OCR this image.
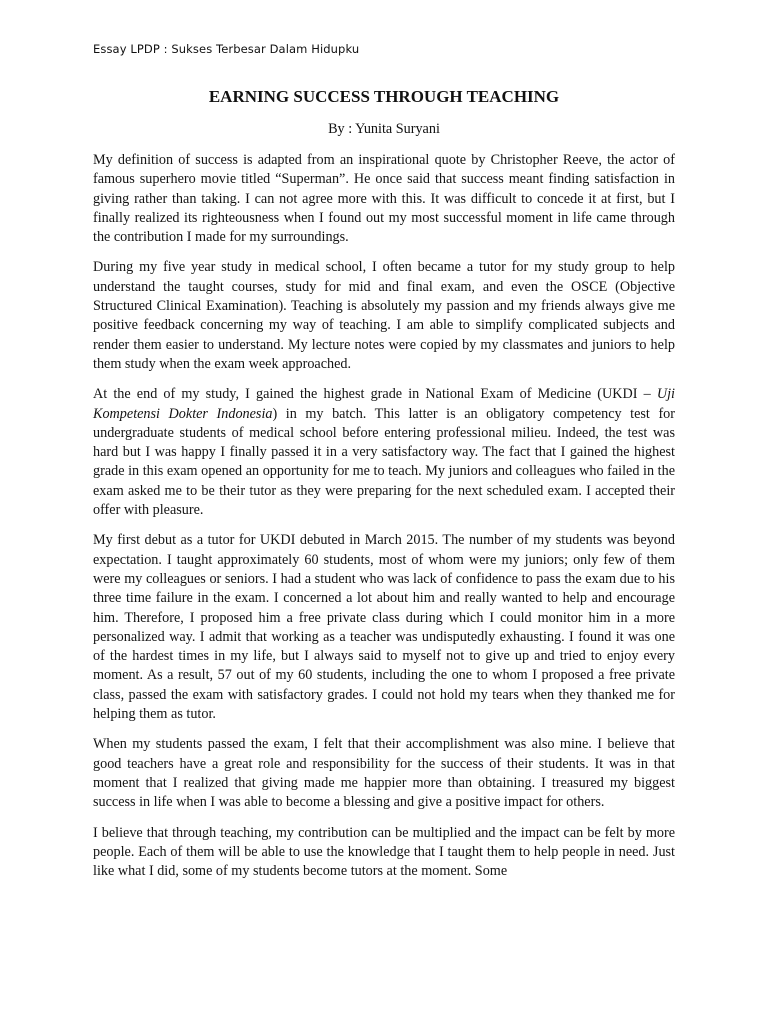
Essay LPDP : Sukses Terbesar Dalam Hidupku
EARNING SUCCESS THROUGH TEACHING
By : Yunita Suryani

My definition of success is adapted from an inspirational quote by Christopher Reeve, the actor of famous superhero movie titled “Superman”. He once said that success meant finding satisfaction in giving rather than taking. I can not agree more with this. It was difficult to concede it at first, but I finally realized its righteousness when I found out my most successful moment in life came through the contribution I made for my surroundings.

During my five year study in medical school, I often became a tutor for my study group to help understand the taught courses, study for mid and final exam, and even the OSCE (Objective Structured Clinical Examination). Teaching is absolutely my passion and my friends always give me positive feedback concerning my way of teaching. I am able to simplify complicated subjects and render them easier to understand. My lecture notes were copied by my classmates and juniors to help them study when the exam week approached.

At the end of my study, I gained the highest grade in National Exam of Medicine (UKDI – Uji Kompetensi Dokter Indonesia) in my batch. This latter is an obligatory competency test for undergraduate students of medical school before entering professional milieu. Indeed, the test was hard but I was happy I finally passed it in a very satisfactory way. The fact that I gained the highest grade in this exam opened an opportunity for me to teach. My juniors and colleagues who failed in the exam asked me to be their tutor as they were preparing for the next scheduled exam. I accepted their offer with pleasure.

My first debut as a tutor for UKDI debuted in March 2015. The number of my students was beyond expectation. I taught approximately 60 students, most of whom were my juniors; only few of them were my colleagues or seniors. I had a student who was lack of confidence to pass the exam due to his three time failure in the exam. I concerned a lot about him and really wanted to help and encourage him. Therefore, I proposed him a free private class during which I could monitor him in a more personalized way. I admit that working as a teacher was undisputedly exhausting. I found it was one of the hardest times in my life, but I always said to myself not to give up and tried to enjoy every moment. As a result, 57 out of my 60 students, including the one to whom I proposed a free private class, passed the exam with satisfactory grades. I could not hold my tears when they thanked me for helping them as tutor.

When my students passed the exam, I felt that their accomplishment was also mine. I believe that good teachers have a great role and responsibility for the success of their students. It was in that moment that I realized that giving made me happier more than obtaining. I treasured my biggest success in life when I was able to become a blessing and give a positive impact for others.

I believe that through teaching, my contribution can be multiplied and the impact can be felt by more people. Each of them will be able to use the knowledge that I taught them to help people in need. Just like what I did, some of my students become tutors at the moment. Some
